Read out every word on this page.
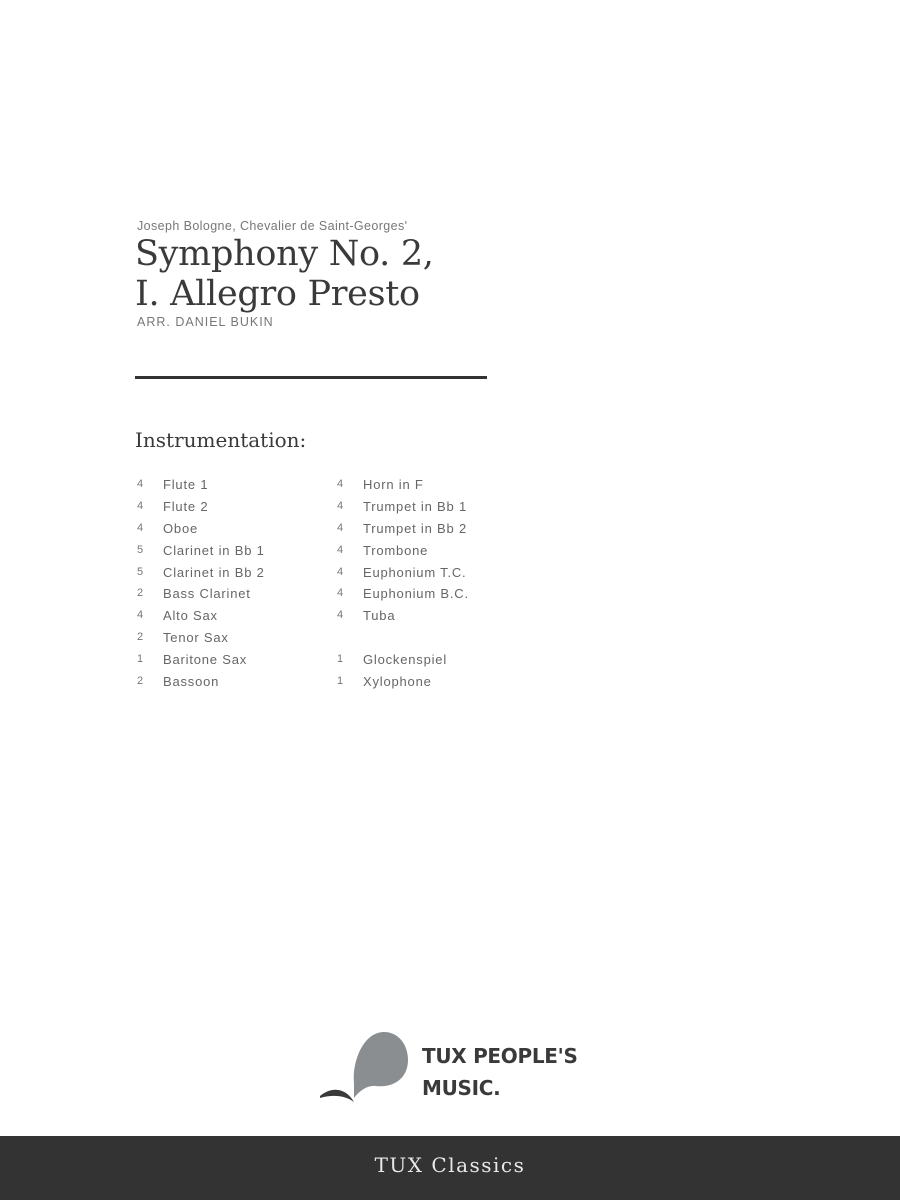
Joseph Bologne, Chevalier de Saint-Georges'
Symphony No. 2,
I. Allegro Presto
ARR. DANIEL BUKIN
Instrumentation:
4	Flute 1
4	Flute 2
4	Oboe
5	Clarinet in Bb 1
5	Clarinet in Bb 2
2	Bass Clarinet
4	Alto Sax
2	Tenor Sax
1	Baritone Sax
2	Bassoon
4	Horn in F
4	Trumpet in Bb 1
4	Trumpet in Bb 2
4	Trombone
4	Euphonium T.C.
4	Euphonium B.C.
4	Tuba
1	Glockenspiel
1	Xylophone
TUX PEOPLE'S
MUSIC.
TUX Classics
